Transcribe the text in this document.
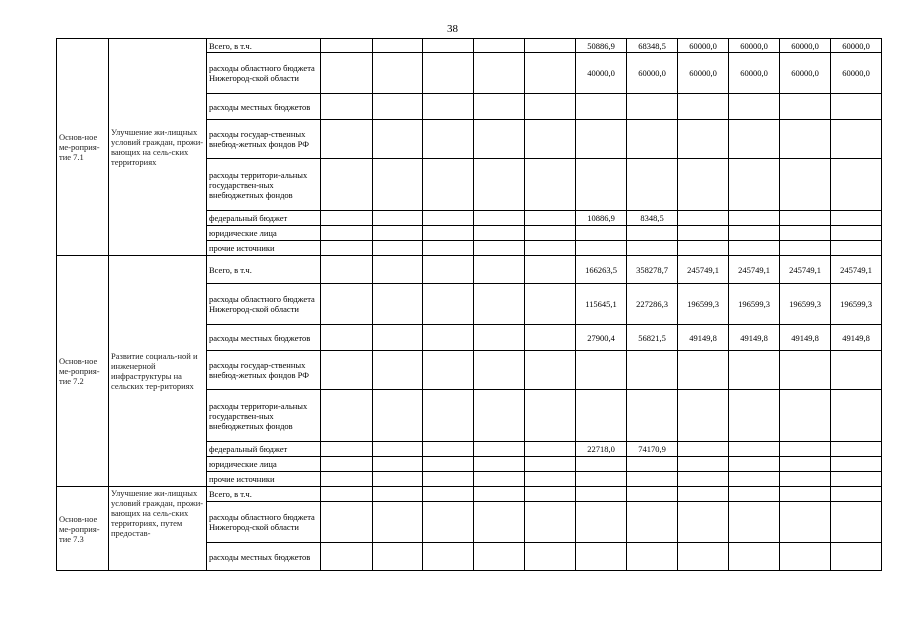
38
Основ-ное ме-роприя-тие 7.1	Улучшение жи-лищных условий граждан, прожи-вающих на сель-ских территориях	Всего, в т.ч.						50886,9	68348,5	60000,0	60000,0	60000,0	60000,0
		расходы областного бюджета Нижегород-ской области						40000,0	60000,0	60000,0	60000,0	60000,0	60000,0
		расходы местных бюджетов											
		расходы государ-ственных внебюд-жетных фондов РФ											
		расходы территори-альных государствен-ных внебюджетных фондов											
		федеральный бюджет						10886,9	8348,5				
		юридические лица											
		прочие источники											
Основ-ное ме-роприя-тие 7.2	Развитие социаль-ной и инженерной инфраструктуры на сельских тер-риториях	Всего, в т.ч.						166263,5	358278,7	245749,1	245749,1	245749,1	245749,1
		расходы областного бюджета Нижегород-ской области						115645,1	227286,3	196599,3	196599,3	196599,3	196599,3
		расходы местных бюджетов						27900,4	56821,5	49149,8	49149,8	49149,8	49149,8
		расходы государ-ственных внебюд-жетных фондов РФ											
		расходы территори-альных государствен-ных внебюджетных фондов											
		федеральный бюджет						22718,0	74170,9				
		юридические лица											
		прочие источники											
Основ-ное ме-роприя-тие 7.3	Улучшение жи-лищных условий граждан, прожи-вающих на сель-ских территориях, путем предостав-	Всего, в т.ч.											
		расходы областного бюджета Нижегород-ской области											
		расходы местных бюджетов											
